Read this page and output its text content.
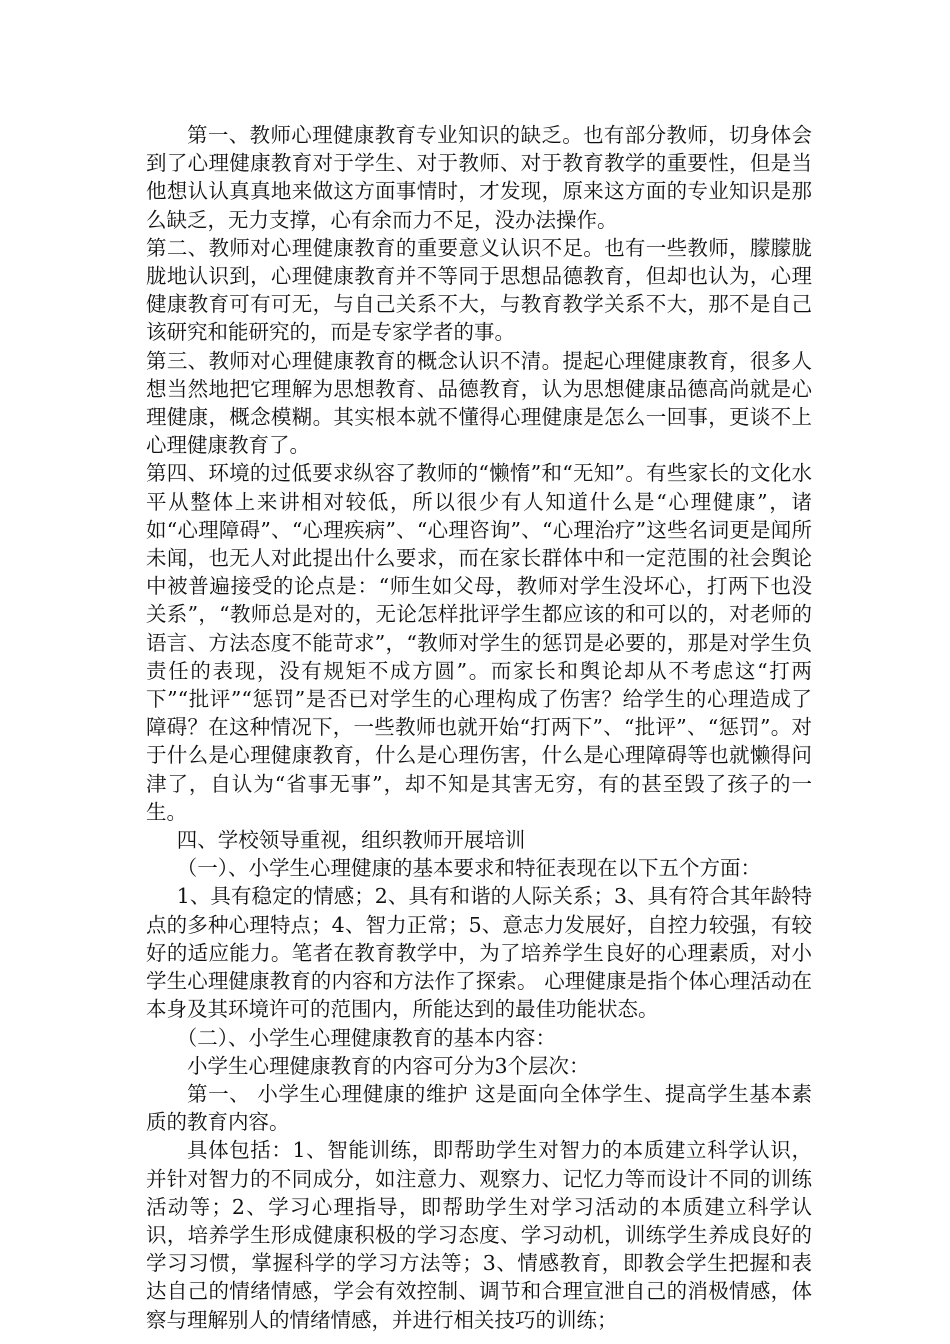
第一、教师心理健康教育专业知识的缺乏。也有部分教师，切身体会到了心理健康教育对于学生、对于教师、对于教育教学的重要性，但是当他想认认真真地来做这方面事情时，才发现，原来这方面的专业知识是那么缺乏，无力支撑，心有余而力不足，没办法操作。

第二、教师对心理健康教育的重要意义认识不足。也有一些教师，朦朦胧胧地认识到，心理健康教育并不等同于思想品德教育，但却也认为，心理健康教育可有可无，与自己关系不大，与教育教学关系不大，那不是自己该研究和能研究的，而是专家学者的事。

第三、教师对心理健康教育的概念认识不清。提起心理健康教育，很多人想当然地把它理解为思想教育、品德教育，认为思想健康品德高尚就是心理健康，概念模糊。其实根本就不懂得心理健康是怎么一回事，更谈不上心理健康教育了。

第四、环境的过低要求纵容了教师的“懒惰”和“无知”。有些家长的文化水平从整体上来讲相对较低，所以很少有人知道什么是“心理健康”，诸如“心理障碍”、“心理疾病”、“心理咨询”、“心理治疗”这些名词更是闻所未闻，也无人对此提出什么要求，而在家长群体中和一定范围的社会舆论中被普遍接受的论点是：“师生如父母，教师对学生没坏心，打两下也没关系”，“教师总是对的，无论怎样批评学生都应该的和可以的，对老师的语言、方法态度不能苛求”，“教师对学生的惩罚是必要的，那是对学生负责任的表现，没有规矩不成方圆”。而家长和舆论却从不考虑这“打两下”“批评”“惩罚”是否已对学生的心理构成了伤害？给学生的心理造成了障碍？在这种情况下，一些教师也就开始“打两下”、“批评”、“惩罚”。对于什么是心理健康教育，什么是心理伤害，什么是心理障碍等也就懒得问津了，自认为“省事无事”，却不知是其害无穷，有的甚至毁了孩子的一生。

四、学校领导重视，组织教师开展培训

（一）、小学生心理健康的基本要求和特征表现在以下五个方面：

1、具有稳定的情感；2、具有和谐的人际关系；3、具有符合其年龄特点的多种心理特点；4、智力正常；5、意志力发展好，自控力较强，有较好的适应能力。笔者在教育教学中，为了培养学生良好的心理素质，对小学生心理健康教育的内容和方法作了探索。 心理健康是指个体心理活动在本身及其环境许可的范围内，所能达到的最佳功能状态。

（二）、小学生心理健康教育的基本内容：

小学生心理健康教育的内容可分为3个层次：

第一、 小学生心理健康的维护 这是面向全体学生、提高学生基本素质的教育内容。

具体包括：1、智能训练，即帮助学生对智力的本质建立科学认识，并针对智力的不同成分，如注意力、观察力、记忆力等而设计不同的训练活动等；2、学习心理指导，即帮助学生对学习活动的本质建立科学认识，培养学生形成健康积极的学习态度、学习动机，训练学生养成良好的学习习惯，掌握科学的学习方法等；3、情感教育，即教会学生把握和表达自己的情绪情感，学会有效控制、调节和合理宣泄自己的消极情感，体察与理解别人的情绪情感，并进行相关技巧的训练；
